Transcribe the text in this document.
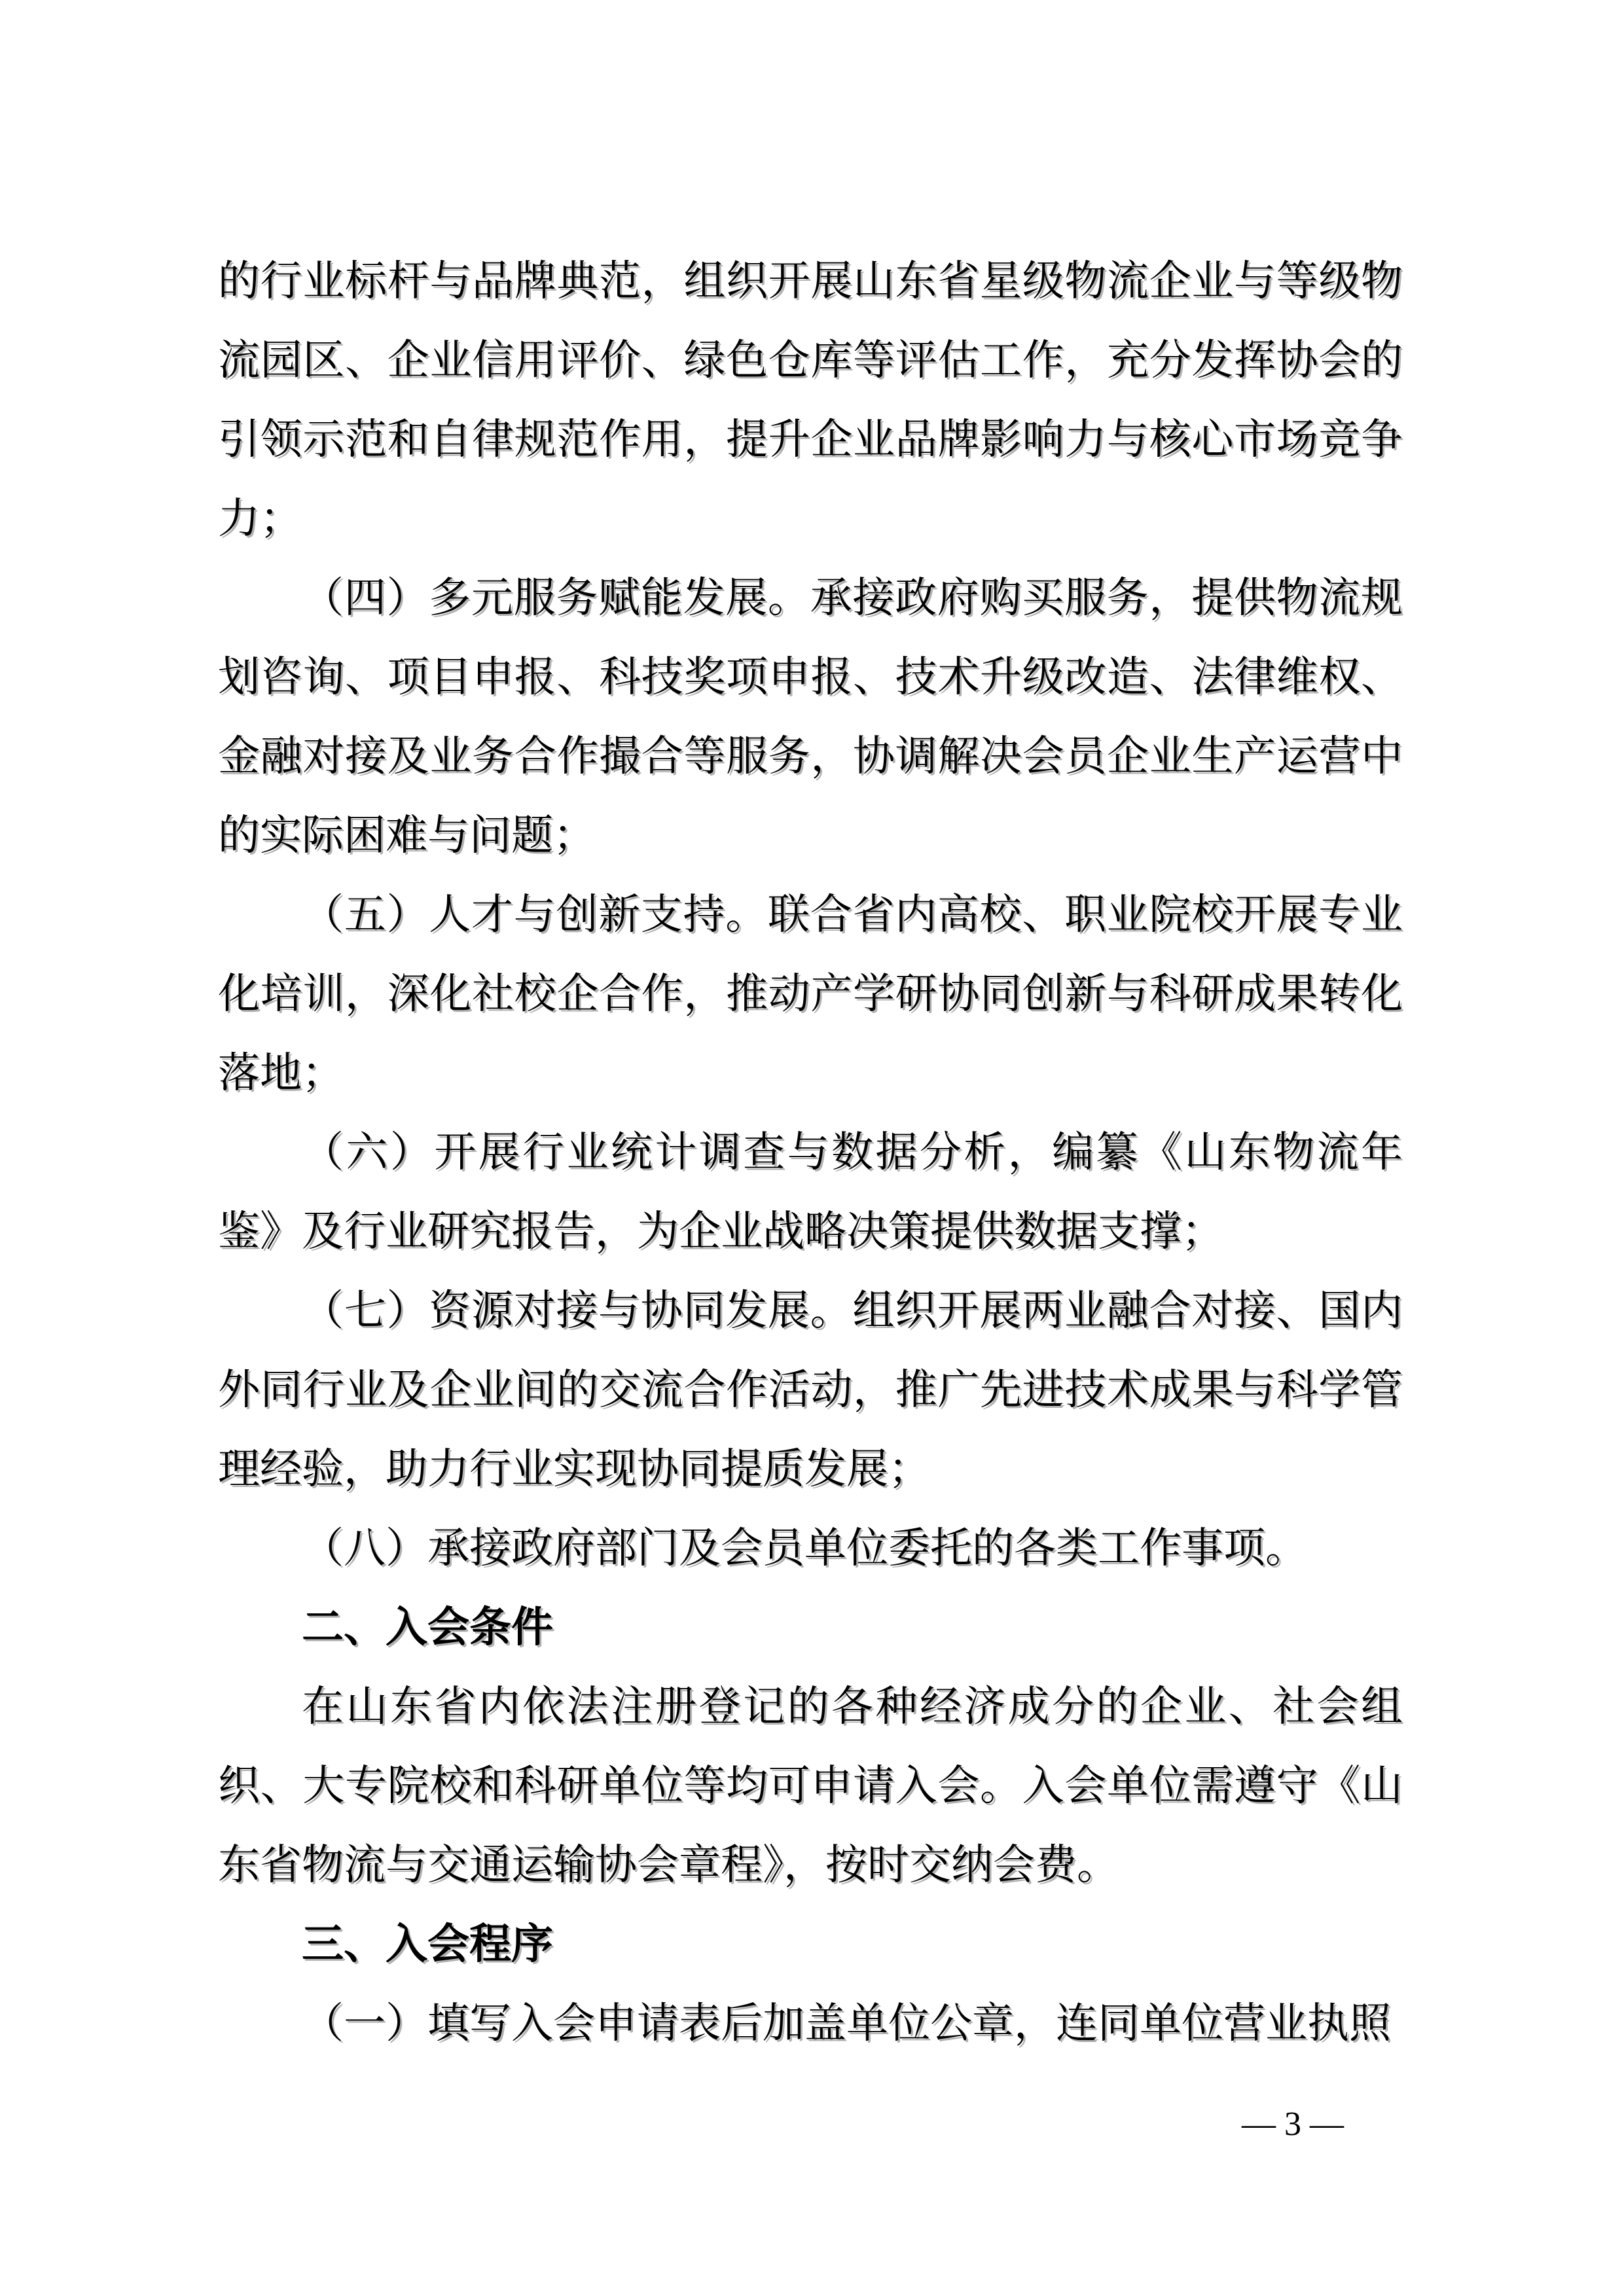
的行业标杆与品牌典范，组织开展山东省星级物流企业与等级物流园区、企业信用评价、绿色仓库等评估工作，充分发挥协会的引领示范和自律规范作用，提升企业品牌影响力与核心市场竞争力；

（四）多元服务赋能发展。承接政府购买服务，提供物流规划咨询、项目申报、科技奖项申报、技术升级改造、法律维权、金融对接及业务合作撮合等服务，协调解决会员企业生产运营中的实际困难与问题；

（五）人才与创新支持。联合省内高校、职业院校开展专业化培训，深化社校企合作，推动产学研协同创新与科研成果转化落地；

（六）开展行业统计调查与数据分析，编纂《山东物流年鉴》及行业研究报告，为企业战略决策提供数据支撑；

（七）资源对接与协同发展。组织开展两业融合对接、国内外同行业及企业间的交流合作活动，推广先进技术成果与科学管理经验，助力行业实现协同提质发展；

（八）承接政府部门及会员单位委托的各类工作事项。

二、入会条件

在山东省内依法注册登记的各种经济成分的企业、社会组织、大专院校和科研单位等均可申请入会。入会单位需遵守《山东省物流与交通运输协会章程》，按时交纳会费。

三、入会程序

（一）填写入会申请表后加盖单位公章，连同单位营业执照

— 3 —
